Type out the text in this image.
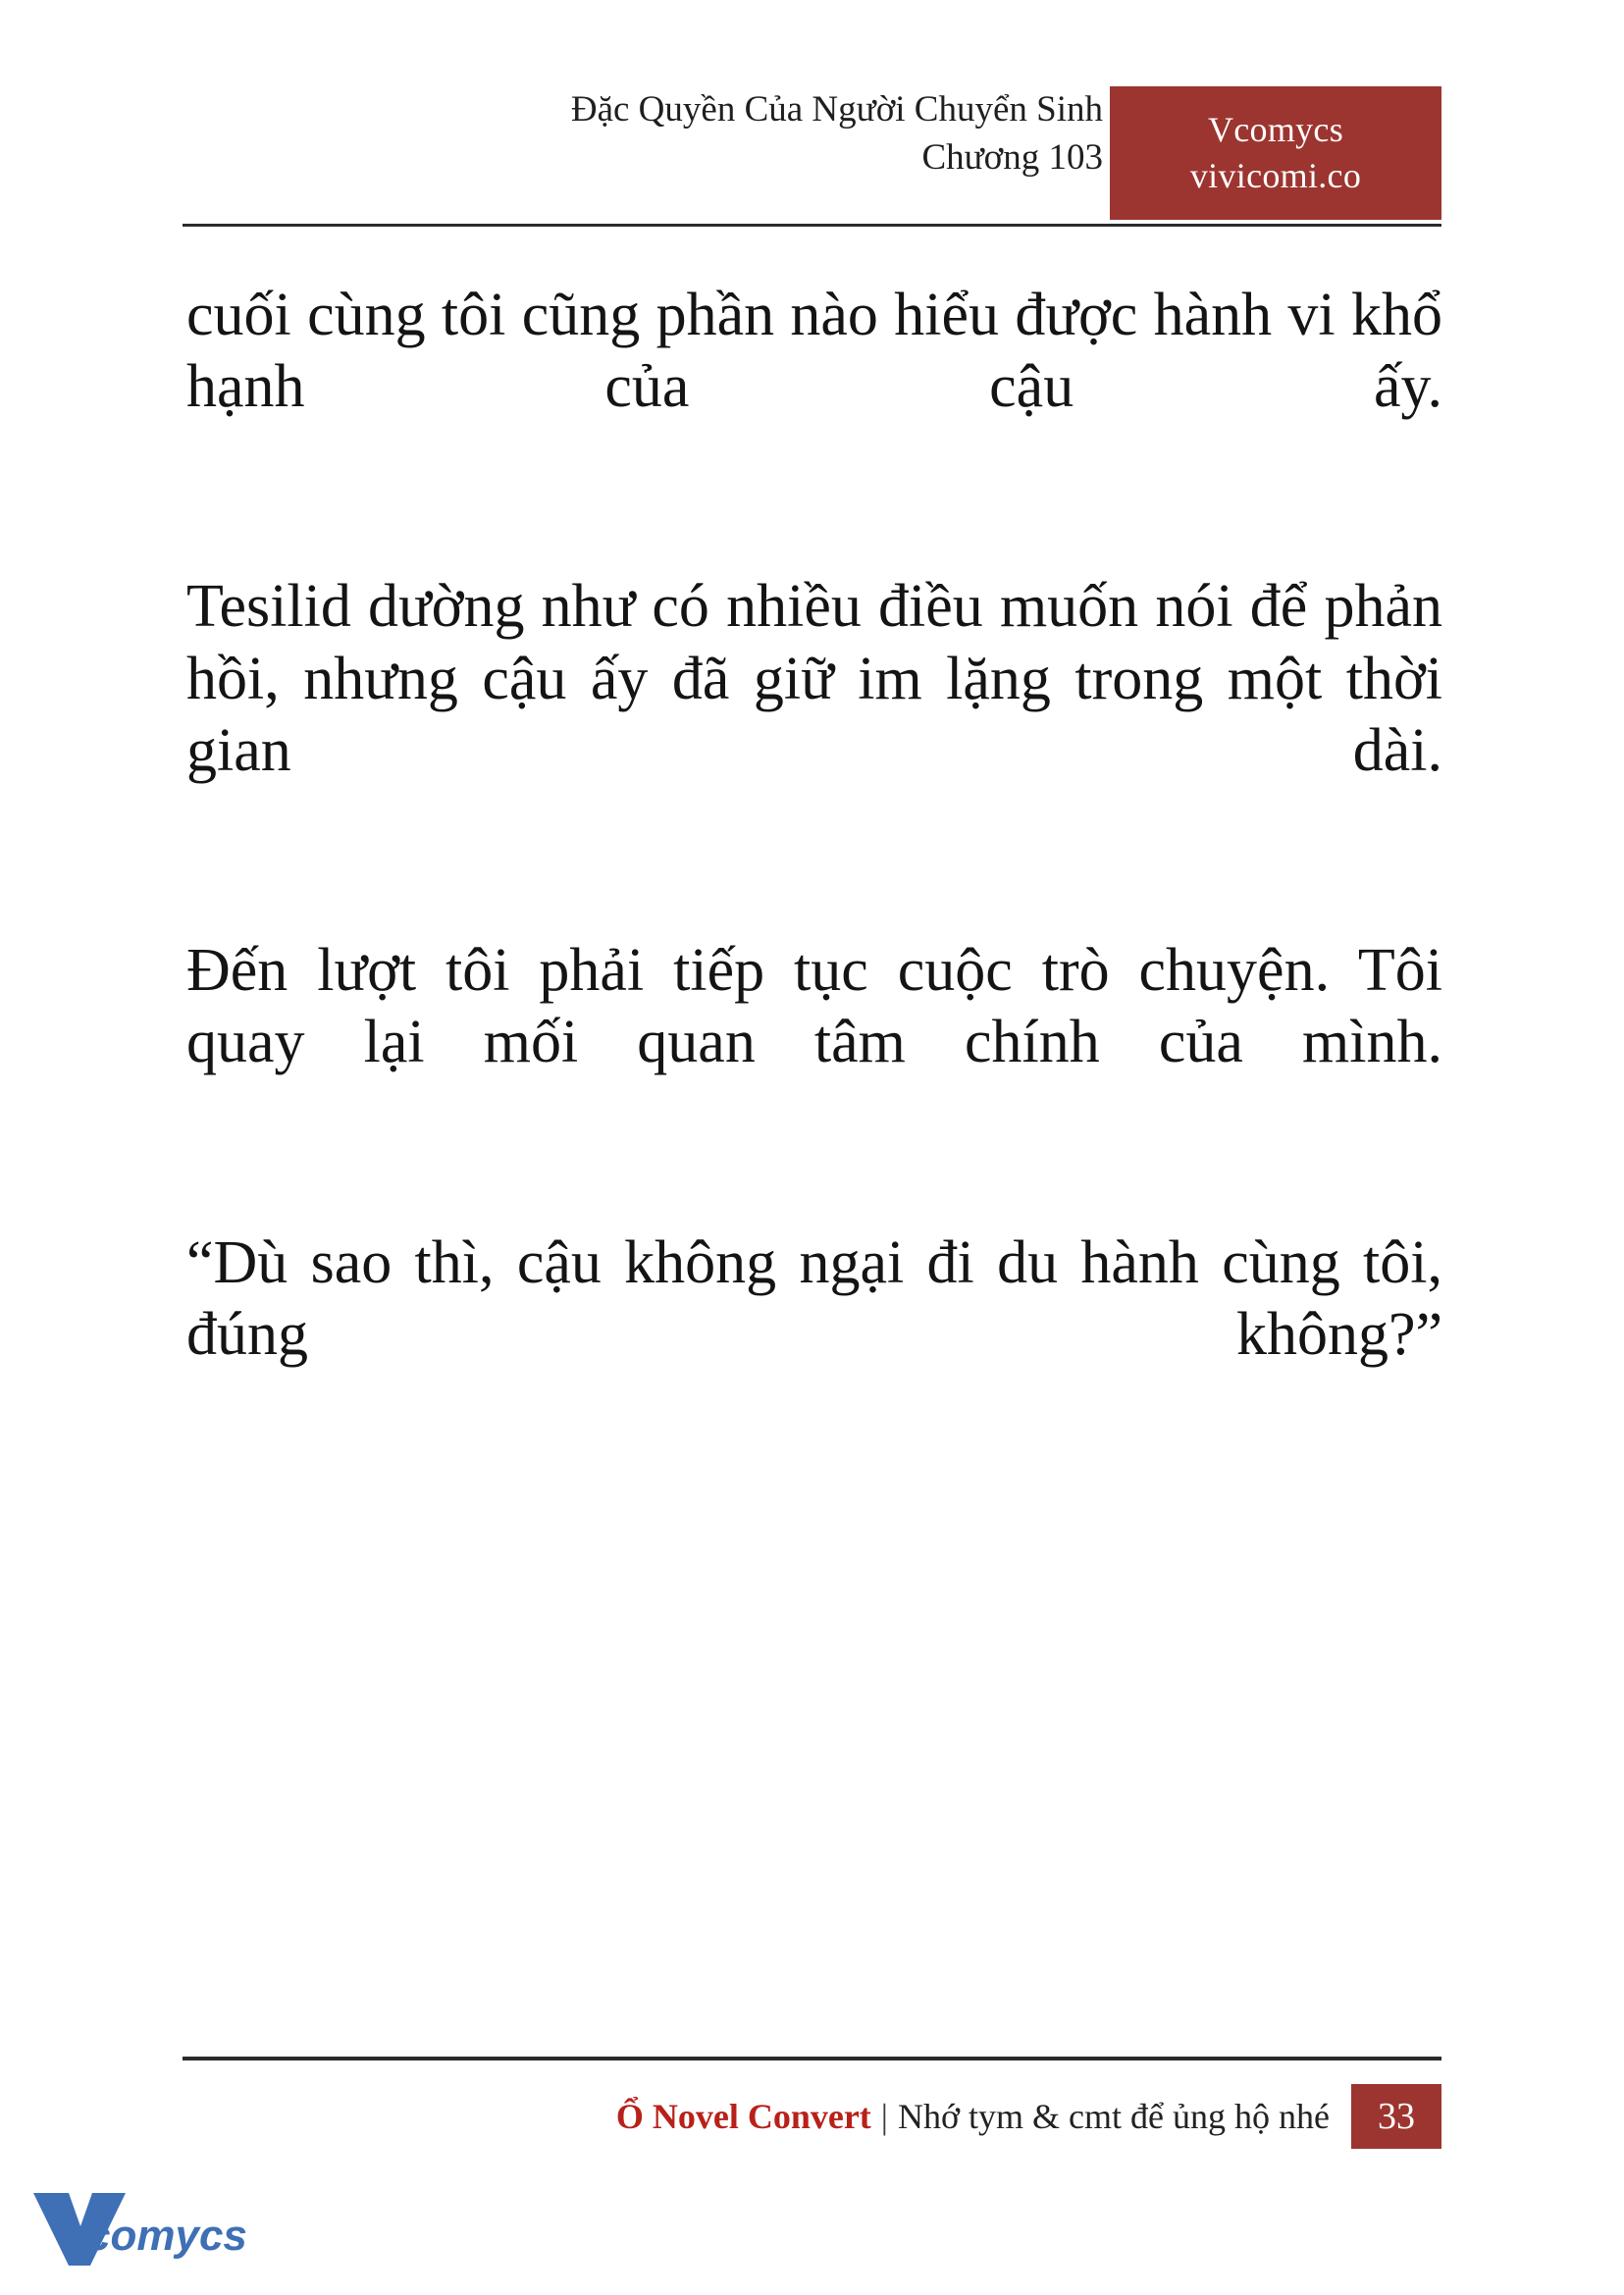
Đặc Quyền Của Người Chuyển Sinh
Chương 103
Vcomycs
vivicomi.co

cuối cùng tôi cũng phần nào hiểu được hành vi khổ hạnh của cậu ấy.

Tesilid dường như có nhiều điều muốn nói để phản hồi, nhưng cậu ấy đã giữ im lặng trong một thời gian dài.

Đến lượt tôi phải tiếp tục cuộc trò chuyện. Tôi quay lại mối quan tâm chính của mình.

“Dù sao thì, cậu không ngại đi du hành cùng tôi, đúng không?”

Ổ Novel Convert | Nhớ tym & cmt để ủng hộ nhé	33
comycs
